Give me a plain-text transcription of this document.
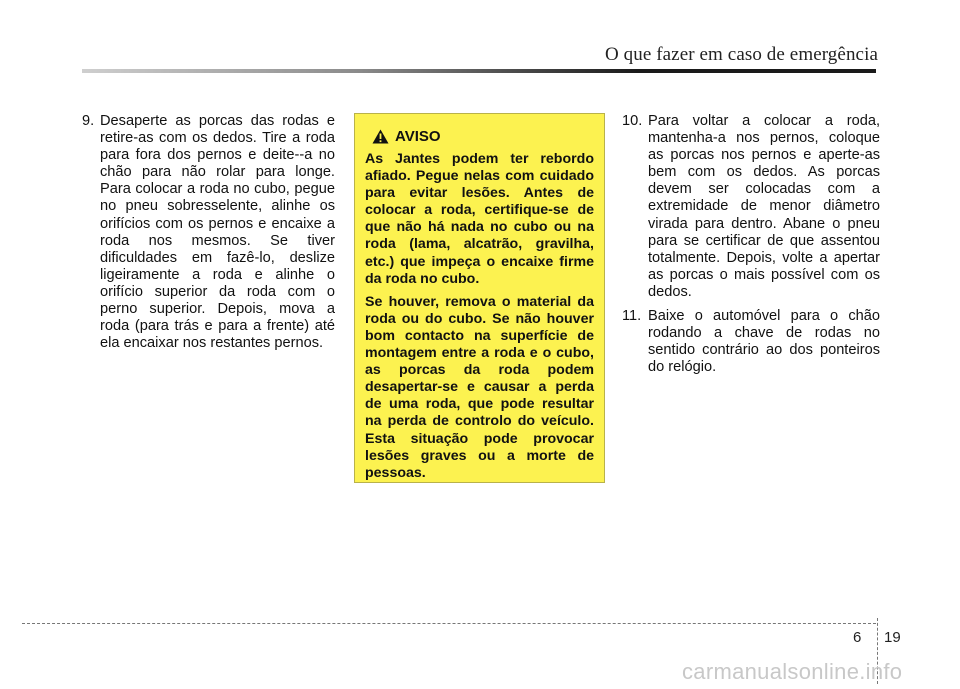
O que fazer em caso de emergência
9. Desaperte as porcas das rodas e retire-as com os dedos. Tire a roda para fora dos pernos e deite--a no chão para não rolar para longe. Para colocar a roda no cubo, pegue no pneu sobresselente, alinhe os orifícios com os pernos e encaixe a roda nos mesmos. Se tiver dificuldades em fazê-lo, deslize ligeiramente a roda e alinhe o orifício superior da roda com o perno superior. Depois, mova a roda (para trás e para a frente) até ela encaixar nos restantes pernos.
AVISO

As Jantes podem ter rebordo afiado. Pegue nelas com cuidado para evitar lesões. Antes de colocar a roda, certifique-se de que não há nada no cubo ou na roda (lama, alcatrão, gravilha, etc.) que impeça o encaixe firme da roda no cubo.

Se houver, remova o material da roda ou do cubo. Se não houver bom contacto na superfície de montagem entre a roda e o cubo, as porcas da roda podem desapertar-se e causar a perda de uma roda, que pode resultar na perda de controlo do veículo. Esta situação pode provocar lesões graves ou a morte de pessoas.

10. Para voltar a colocar a roda, mantenha-a nos pernos, coloque as porcas nos pernos e aperte-as bem com os dedos. As porcas devem ser colocadas com a extremidade de menor diâmetro virada para dentro. Abane o pneu para se certificar de que assentou totalmente. Depois, volte a apertar as porcas o mais possível com os dedos.
11. Baixe o automóvel para o chão rodando a chave de rodas no sentido contrário ao dos ponteiros do relógio.
6 19
carmanualsonline.info
